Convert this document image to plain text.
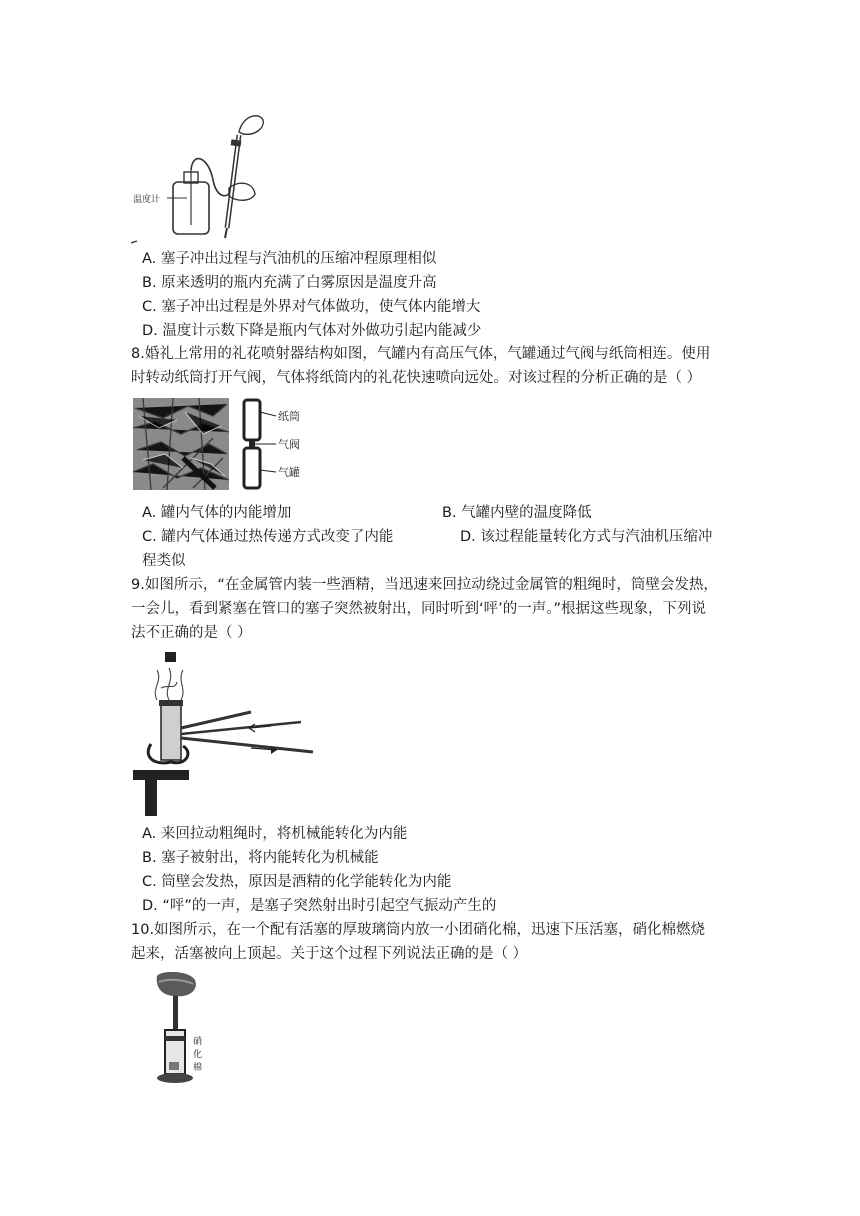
温度计
A. 塞子冲出过程与汽油机的压缩冲程原理相似
B. 原来透明的瓶内充满了白雾原因是温度升高
C. 塞子冲出过程是外界对气体做功，使气体内能增大
D. 温度计示数下降是瓶内气体对外做功引起内能减少
8.婚礼上常用的礼花喷射器结构如图，气罐内有高压气体，气罐通过气阀与纸筒相连。使用
时转动纸筒打开气阀，气体将纸筒内的礼花快速喷向远处。对该过程的分析正确的是（ ）
纸筒
气阀
气罐
A. 罐内气体的内能增加	B. 气罐内壁的温度降低
C. 罐内气体通过热传递方式改变了内能	D. 该过程能量转化方式与汽油机压缩冲
程类似
9.如图所示，“在金属管内装一些酒精，当迅速来回拉动绕过金属管的粗绳时，筒壁会发热，
一会儿，看到紧塞在管口的塞子突然被射出，同时听到‘呯’的一声。”根据这些现象，下列说
法不正确的是（ ）
A. 来回拉动粗绳时，将机械能转化为内能
B. 塞子被射出，将内能转化为机械能
C. 筒壁会发热，原因是酒精的化学能转化为内能
D. “呯”的一声，是塞子突然射出时引起空气振动产生的
10.如图所示，在一个配有活塞的厚玻璃筒内放一小团硝化棉，迅速下压活塞，硝化棉燃烧
起来，活塞被向上顶起。关于这个过程下列说法正确的是（ ）
硝
化
棉
